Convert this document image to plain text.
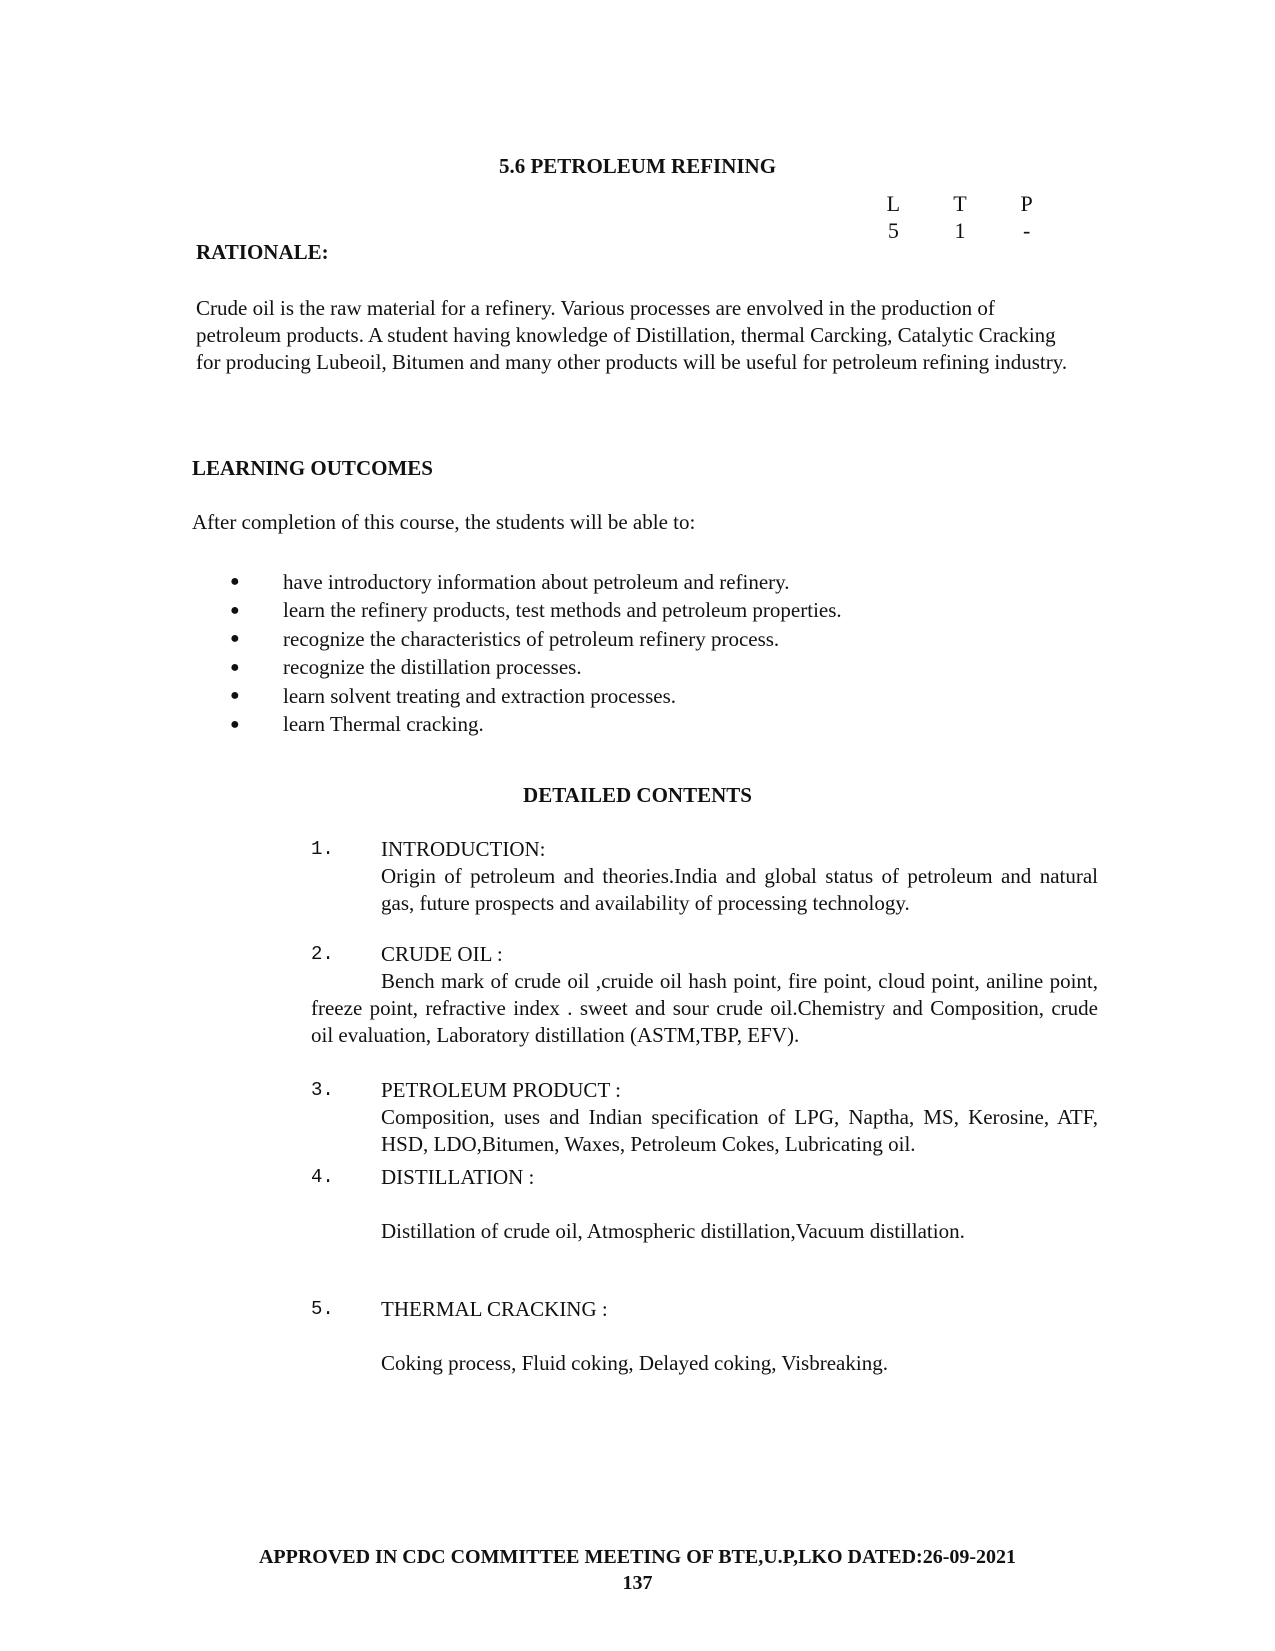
5.6 PETROLEUM REFINING
L	T	P
5	1	-
RATIONALE:
Crude oil is the raw material for a refinery. Various processes are envolved in the production of petroleum products. A student having knowledge of Distillation, thermal Carcking, Catalytic Cracking for producing Lubeoil, Bitumen and many other products will be useful for petroleum refining industry.
LEARNING OUTCOMES
After completion of this course, the students will be able to:
●	have introductory information about petroleum and refinery.
●	learn the refinery products, test methods and petroleum properties.
●	recognize the characteristics of petroleum refinery process.
●	recognize the distillation processes.
●	learn solvent treating and extraction processes.
●	learn Thermal cracking.
DETAILED CONTENTS
1. INTRODUCTION:
Origin of petroleum and theories.India and global status of petroleum and natural gas, future prospects and availability of processing technology.
2. CRUDE OIL :
Bench mark of crude oil ,cruide oil hash point, fire point, cloud point, aniline point, freeze point, refractive index . sweet and sour crude oil.Chemistry and Composition, crude oil evaluation, Laboratory distillation (ASTM,TBP, EFV).
3. PETROLEUM PRODUCT :
Composition, uses and Indian specification of LPG, Naptha, MS, Kerosine, ATF, HSD, LDO,Bitumen, Waxes, Petroleum Cokes, Lubricating oil.
4. DISTILLATION :
Distillation of crude oil, Atmospheric distillation,Vacuum distillation.
5. THERMAL CRACKING :
Coking process, Fluid coking, Delayed coking, Visbreaking.
APPROVED IN CDC COMMITTEE MEETING OF BTE,U.P,LKO DATED:26-09-2021
137
